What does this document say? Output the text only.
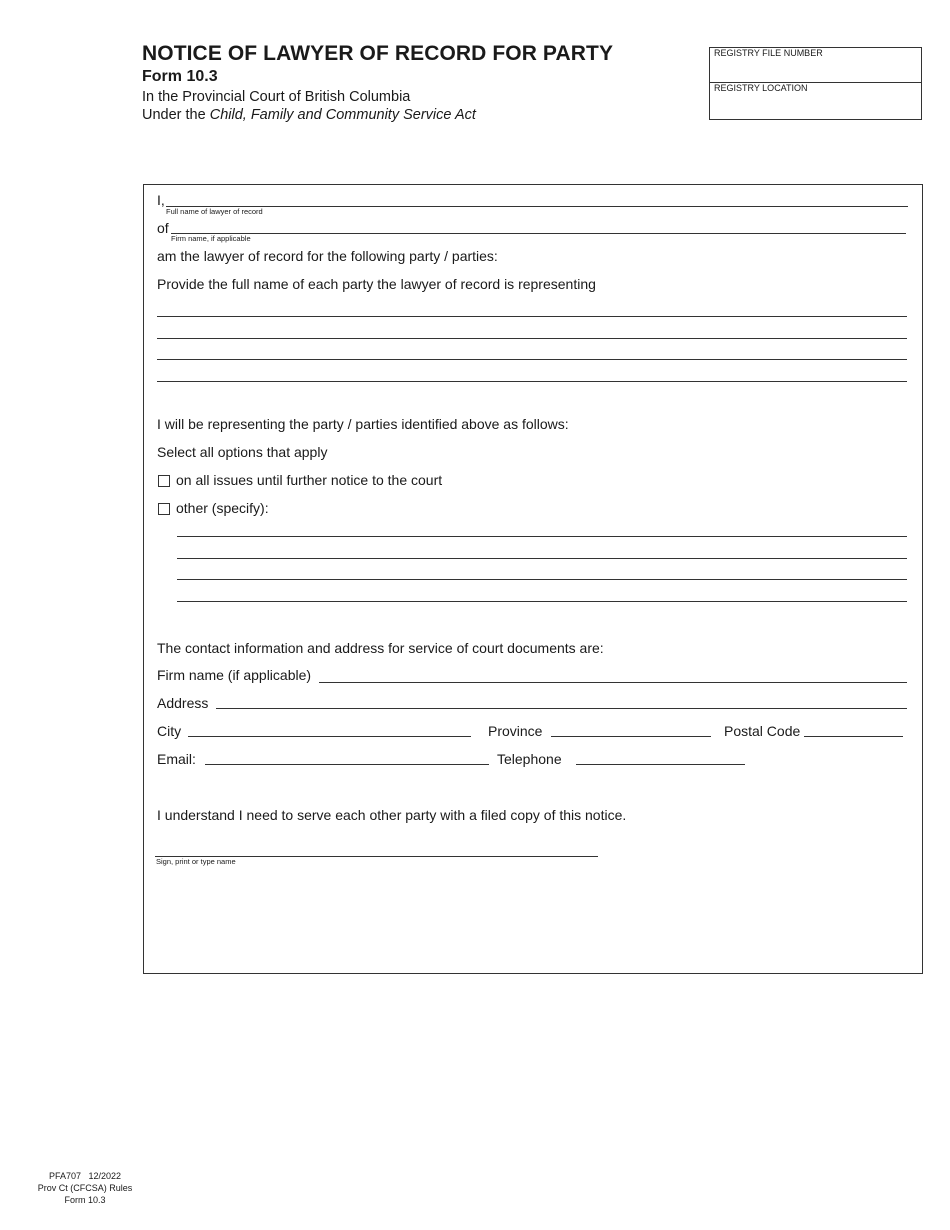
NOTICE OF LAWYER OF RECORD FOR PARTY
Form 10.3
In the Provincial Court of British Columbia
Under the Child, Family and Community Service Act
REGISTRY FILE NUMBER
REGISTRY LOCATION
I,
Full name of lawyer of record
of
Firm name, if applicable
am the lawyer of record for the following party / parties:
Provide the full name of each party the lawyer of record is representing
I will be representing the party / parties identified above as follows:
Select all options that apply
on all issues until further notice to the court
other (specify):
The contact information and address for service of court documents are:
Firm name (if applicable)
Address
City	Province	Postal Code
Email:	Telephone
I understand I need to serve each other party with a filed copy of this notice.
Sign, print or type name
PFA707   12/2022
Prov Ct (CFCSA) Rules
Form 10.3
